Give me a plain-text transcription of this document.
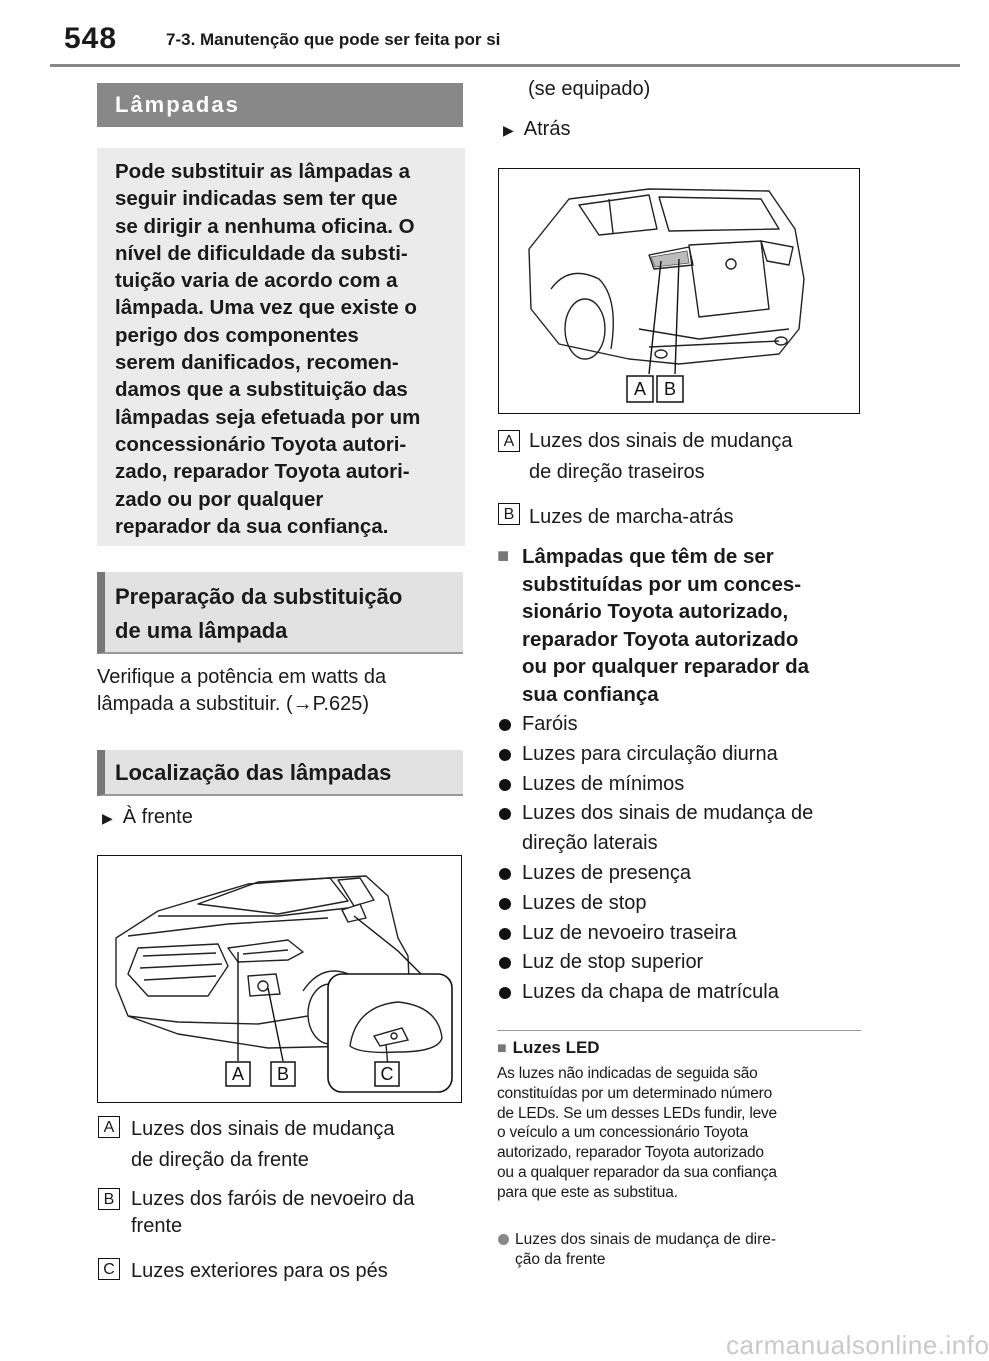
548	7-3. Manutenção que pode ser feita por si
Lâmpadas
Pode substituir as lâmpadas a
seguir indicadas sem ter que
se dirigir a nenhuma oficina. O
nível de dificuldade da substi-
tuição varia de acordo com a
lâmpada. Uma vez que existe o
perigo dos componentes
serem danificados, recomen-
damos que a substituição das
lâmpadas seja efetuada por um
concessionário Toyota autori-
zado, reparador Toyota autori-
zado ou por qualquer
reparador da sua confiança.
Preparação da substituição
de uma lâmpada
Verifique a potência em watts da
lâmpada a substituir. (→P.625)
Localização das lâmpadas
▶ À frente
A B	C
A Luzes dos sinais de mudança
de direção da frente
B Luzes dos faróis de nevoeiro da
frente
C Luzes exteriores para os pés
(se equipado)
▶ Atrás
A B
A Luzes dos sinais de mudança
de direção traseiros
B Luzes de marcha-atrás
■ Lâmpadas que têm de ser
substituídas por um conces-
sionário Toyota autorizado,
reparador Toyota autorizado
ou por qualquer reparador da
sua confiança
Faróis
Luzes para circulação diurna
Luzes de mínimos
Luzes dos sinais de mudança de direção laterais
Luzes de presença
Luzes de stop
Luz de nevoeiro traseira
Luz de stop superior
Luzes da chapa de matrícula
■ Luzes LED
As luzes não indicadas de seguida são
constituídas por um determinado número
de LEDs. Se um desses LEDs fundir, leve
o veículo a um concessionário Toyota
autorizado, reparador Toyota autorizado
ou a qualquer reparador da sua confiança
para que este as substitua.
Luzes dos sinais de mudança de dire-
ção da frente
carmanualsonline.info
